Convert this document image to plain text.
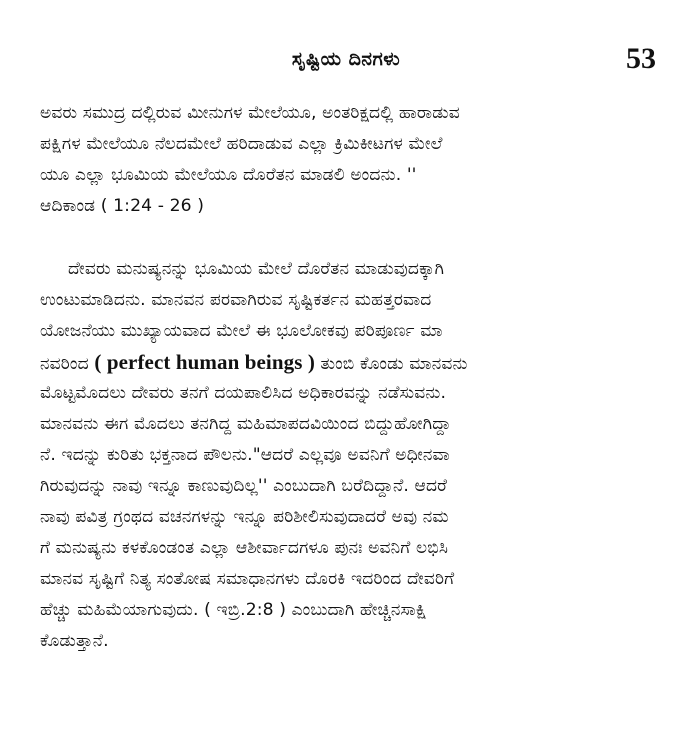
ಸೃಷ್ಟಿಯ ದಿನಗಳು	53
ಅವರು ಸಮುದ್ರ ದಲ್ಲಿರುವ ಮೀನುಗಳ ಮೇಲೆಯೂ, ಅಂತರಿಕ್ಷದಲ್ಲಿ ಹಾರಾಡುವ
ಪಕ್ಷಿಗಳ ಮೇಲೆಯೂ ನೆಲದಮೇಲೆ ಹರಿದಾಡುವ ಎಲ್ಲಾ ಕ್ರಿಮಿಕೀಟಗಳ ಮೇಲೆ
ಯೂ ಎಲ್ಲಾ ಭೂಮಿಯ ಮೇಲೆಯೂ ದೊರೆತನ ಮಾಡಲಿ ಅಂದನು. ''
ಆದಿಕಾಂಡ ( 1:24 - 26 )
ದೇವರು ಮನುಷ್ಯನನ್ನು ಭೂಮಿಯ ಮೇಲೆ ದೊರೆತನ ಮಾಡುವುದಕ್ಕಾಗಿ
ಉಂಟುಮಾಡಿದನು. ಮಾನವನ ಪರವಾಗಿರುವ ಸೃಷ್ಟಿಕರ್ತನ ಮಹತ್ತರವಾದ
ಯೋಜನೆಯು ಮುಖ್ಯಾಯವಾದ ಮೇಲೆ ಈ ಭೂಲೋಕವು ಪರಿಪೂರ್ಣ ಮಾ
ನವರಿಂದ ( perfect human beings ) ತುಂಬಿ ಕೊಂಡು ಮಾನವನು
ಮೊಟ್ಟಮೊದಲು ದೇವರು ತನಗೆ ದಯಪಾಲಿಸಿದ ಅಧಿಕಾರವನ್ನು ನಡೆಸುವನು.
ಮಾನವನು ಈಗ ಮೊದಲು ತನಗಿದ್ದ ಮಹಿಮಾಪದವಿಯಿಂದ ಬಿದ್ದುಹೋಗಿದ್ದಾ
ನೆ. ಇದನ್ನು ಕುರಿತು ಭಕ್ತನಾದ ಪೌಲನು."ಆದರೆ ಎಲ್ಲವೂ ಅವನಿಗೆ ಅಧೀನವಾ
ಗಿರುವುದನ್ನು ನಾವು ಇನ್ನೂ ಕಾಣುವುದಿಲ್ಲ'' ಎಂಬುದಾಗಿ ಬರೆದಿದ್ದಾನೆ. ಆದರೆ
ನಾವು ಪವಿತ್ರ ಗ್ರಂಥದ ವಚನಗಳನ್ನು ಇನ್ನೂ ಪರಿಶೀಲಿಸುವುದಾದರೆ ಅವು ನಮ
ಗೆ ಮನುಷ್ಯನು ಕಳಕೊಂಡಂತ ಎಲ್ಲಾ ಆಶೀರ್ವಾದಗಳೂ ಪುನಃ ಅವನಿಗೆ ಲಭಿಸಿ
ಮಾನವ ಸೃಷ್ಟಿಗೆ ನಿತ್ಯ ಸಂತೋಷ ಸಮಾಧಾನಗಳು ದೊರಕಿ ಇದರಿಂದ ದೇವರಿಗೆ
ಹೆಚ್ಚು ಮಹಿಮೆಯಾಗುವುದು. ( ಇಬ್ರಿ.2:8 ) ಎಂಬುದಾಗಿ ಹೇಚ್ಚಿನಸಾಕ್ಷಿ
ಕೊಡುತ್ತಾನೆ.
